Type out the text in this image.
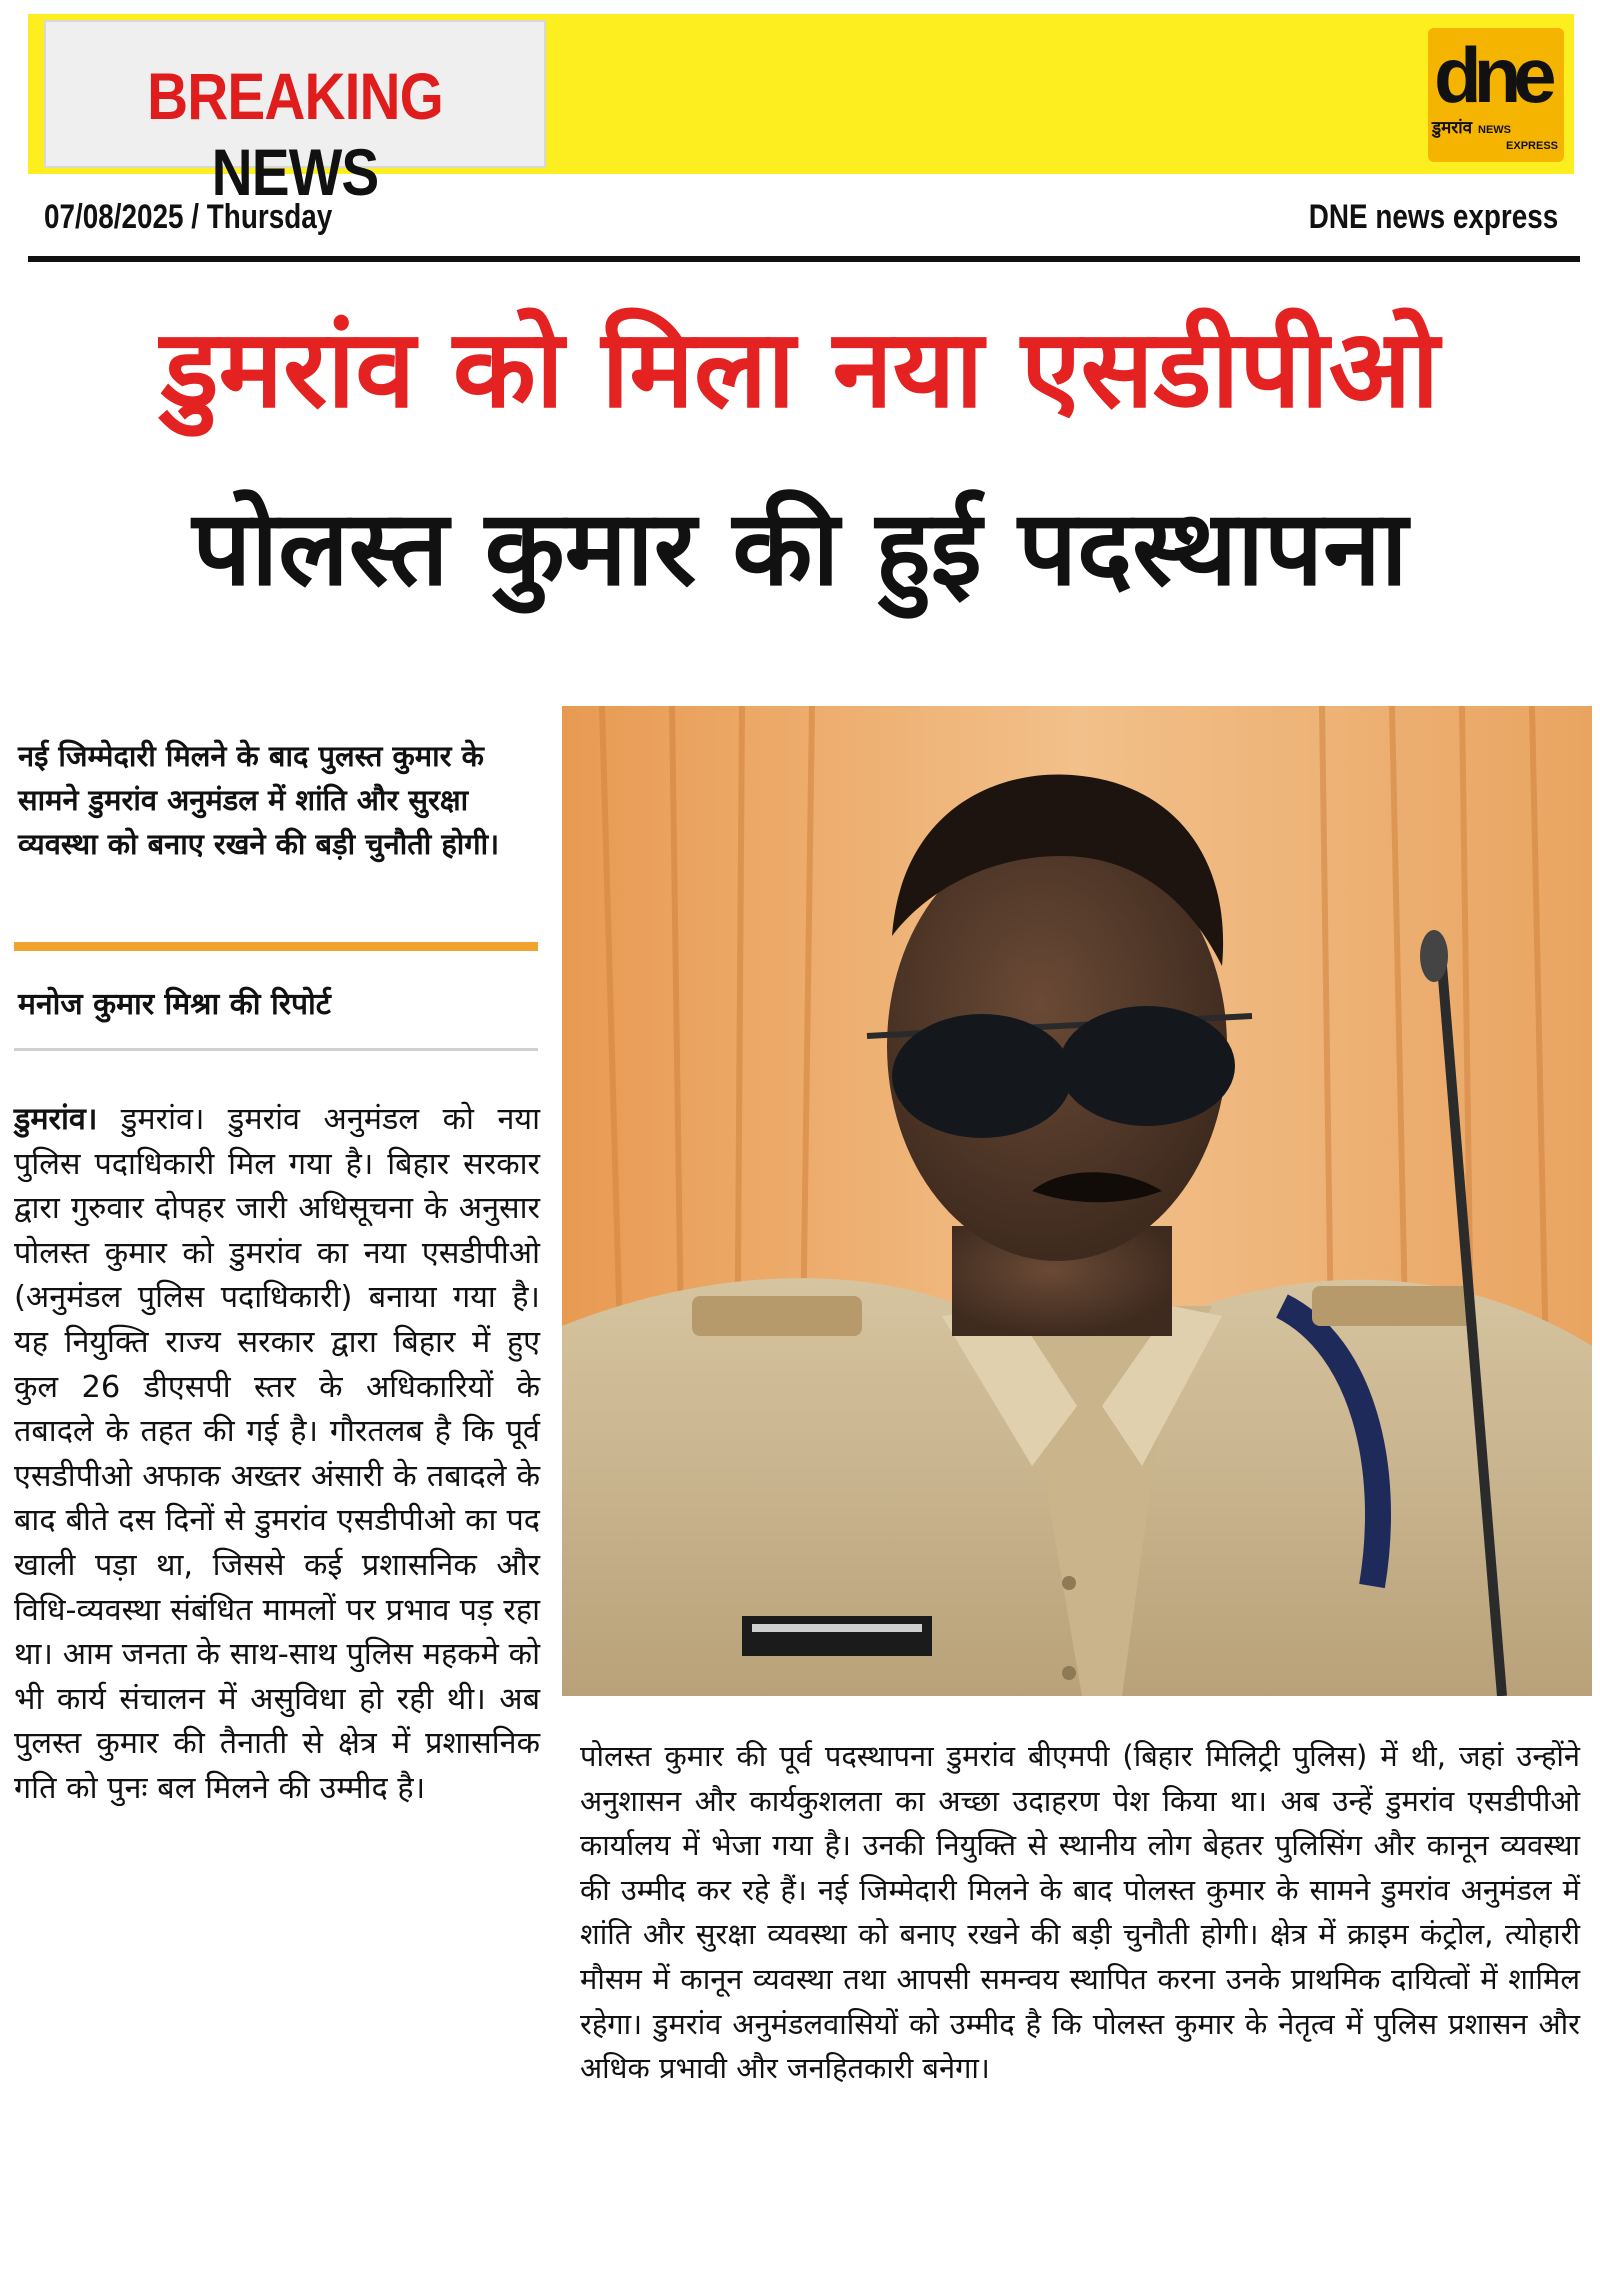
BREAKING NEWS
dne
डुमरांव NEWS
EXPRESS
07/08/2025 / Thursday	DNE news express
डुमरांव को मिला नया एसडीपीओ
पोलस्त कुमार की हुई पदस्थापना
नई जिम्मेदारी मिलने के बाद पुलस्त कुमार के सामने डुमरांव अनुमंडल में शांति और सुरक्षा व्यवस्था को बनाए रखने की बड़ी चुनौती होगी।
मनोज कुमार मिश्रा की रिपोर्ट
डुमरांव। डुमरांव। डुमरांव अनुमंडल को नया पुलिस पदाधिकारी मिल गया है। बिहार सरकार द्वारा गुरुवार दोपहर जारी अधिसूचना के अनुसार पोलस्त कुमार को डुमरांव का नया एसडीपीओ (अनुमंडल पुलिस पदाधिकारी) बनाया गया है। यह नियुक्ति राज्य सरकार द्वारा बिहार में हुए कुल 26 डीएसपी स्तर के अधिकारियों के तबादले के तहत की गई है। गौरतलब है कि पूर्व एसडीपीओ अफाक अख्तर अंसारी के तबादले के बाद बीते दस दिनों से डुमरांव एसडीपीओ का पद खाली पड़ा था, जिससे कई प्रशासनिक और विधि-व्यवस्था संबंधित मामलों पर प्रभाव पड़ रहा था। आम जनता के साथ-साथ पुलिस महकमे को भी कार्य संचालन में असुविधा हो रही थी। अब पुलस्त कुमार की तैनाती से क्षेत्र में प्रशासनिक गति को पुनः बल मिलने की उम्मीद है।
पोलस्त कुमार की पूर्व पदस्थापना डुमरांव बीएमपी (बिहार मिलिट्री पुलिस) में थी, जहां उन्होंने अनुशासन और कार्यकुशलता का अच्छा उदाहरण पेश किया था। अब उन्हें डुमरांव एसडीपीओ कार्यालय में भेजा गया है। उनकी नियुक्ति से स्थानीय लोग बेहतर पुलिसिंग और कानून व्यवस्था की उम्मीद कर रहे हैं। नई जिम्मेदारी मिलने के बाद पोलस्त कुमार के सामने डुमरांव अनुमंडल में शांति और सुरक्षा व्यवस्था को बनाए रखने की बड़ी चुनौती होगी। क्षेत्र में क्राइम कंट्रोल, त्योहारी मौसम में कानून व्यवस्था तथा आपसी समन्वय स्थापित करना उनके प्राथमिक दायित्वों में शामिल रहेगा। डुमरांव अनुमंडलवासियों को उम्मीद है कि पोलस्त कुमार के नेतृत्व में पुलिस प्रशासन और अधिक प्रभावी और जनहितकारी बनेगा।
